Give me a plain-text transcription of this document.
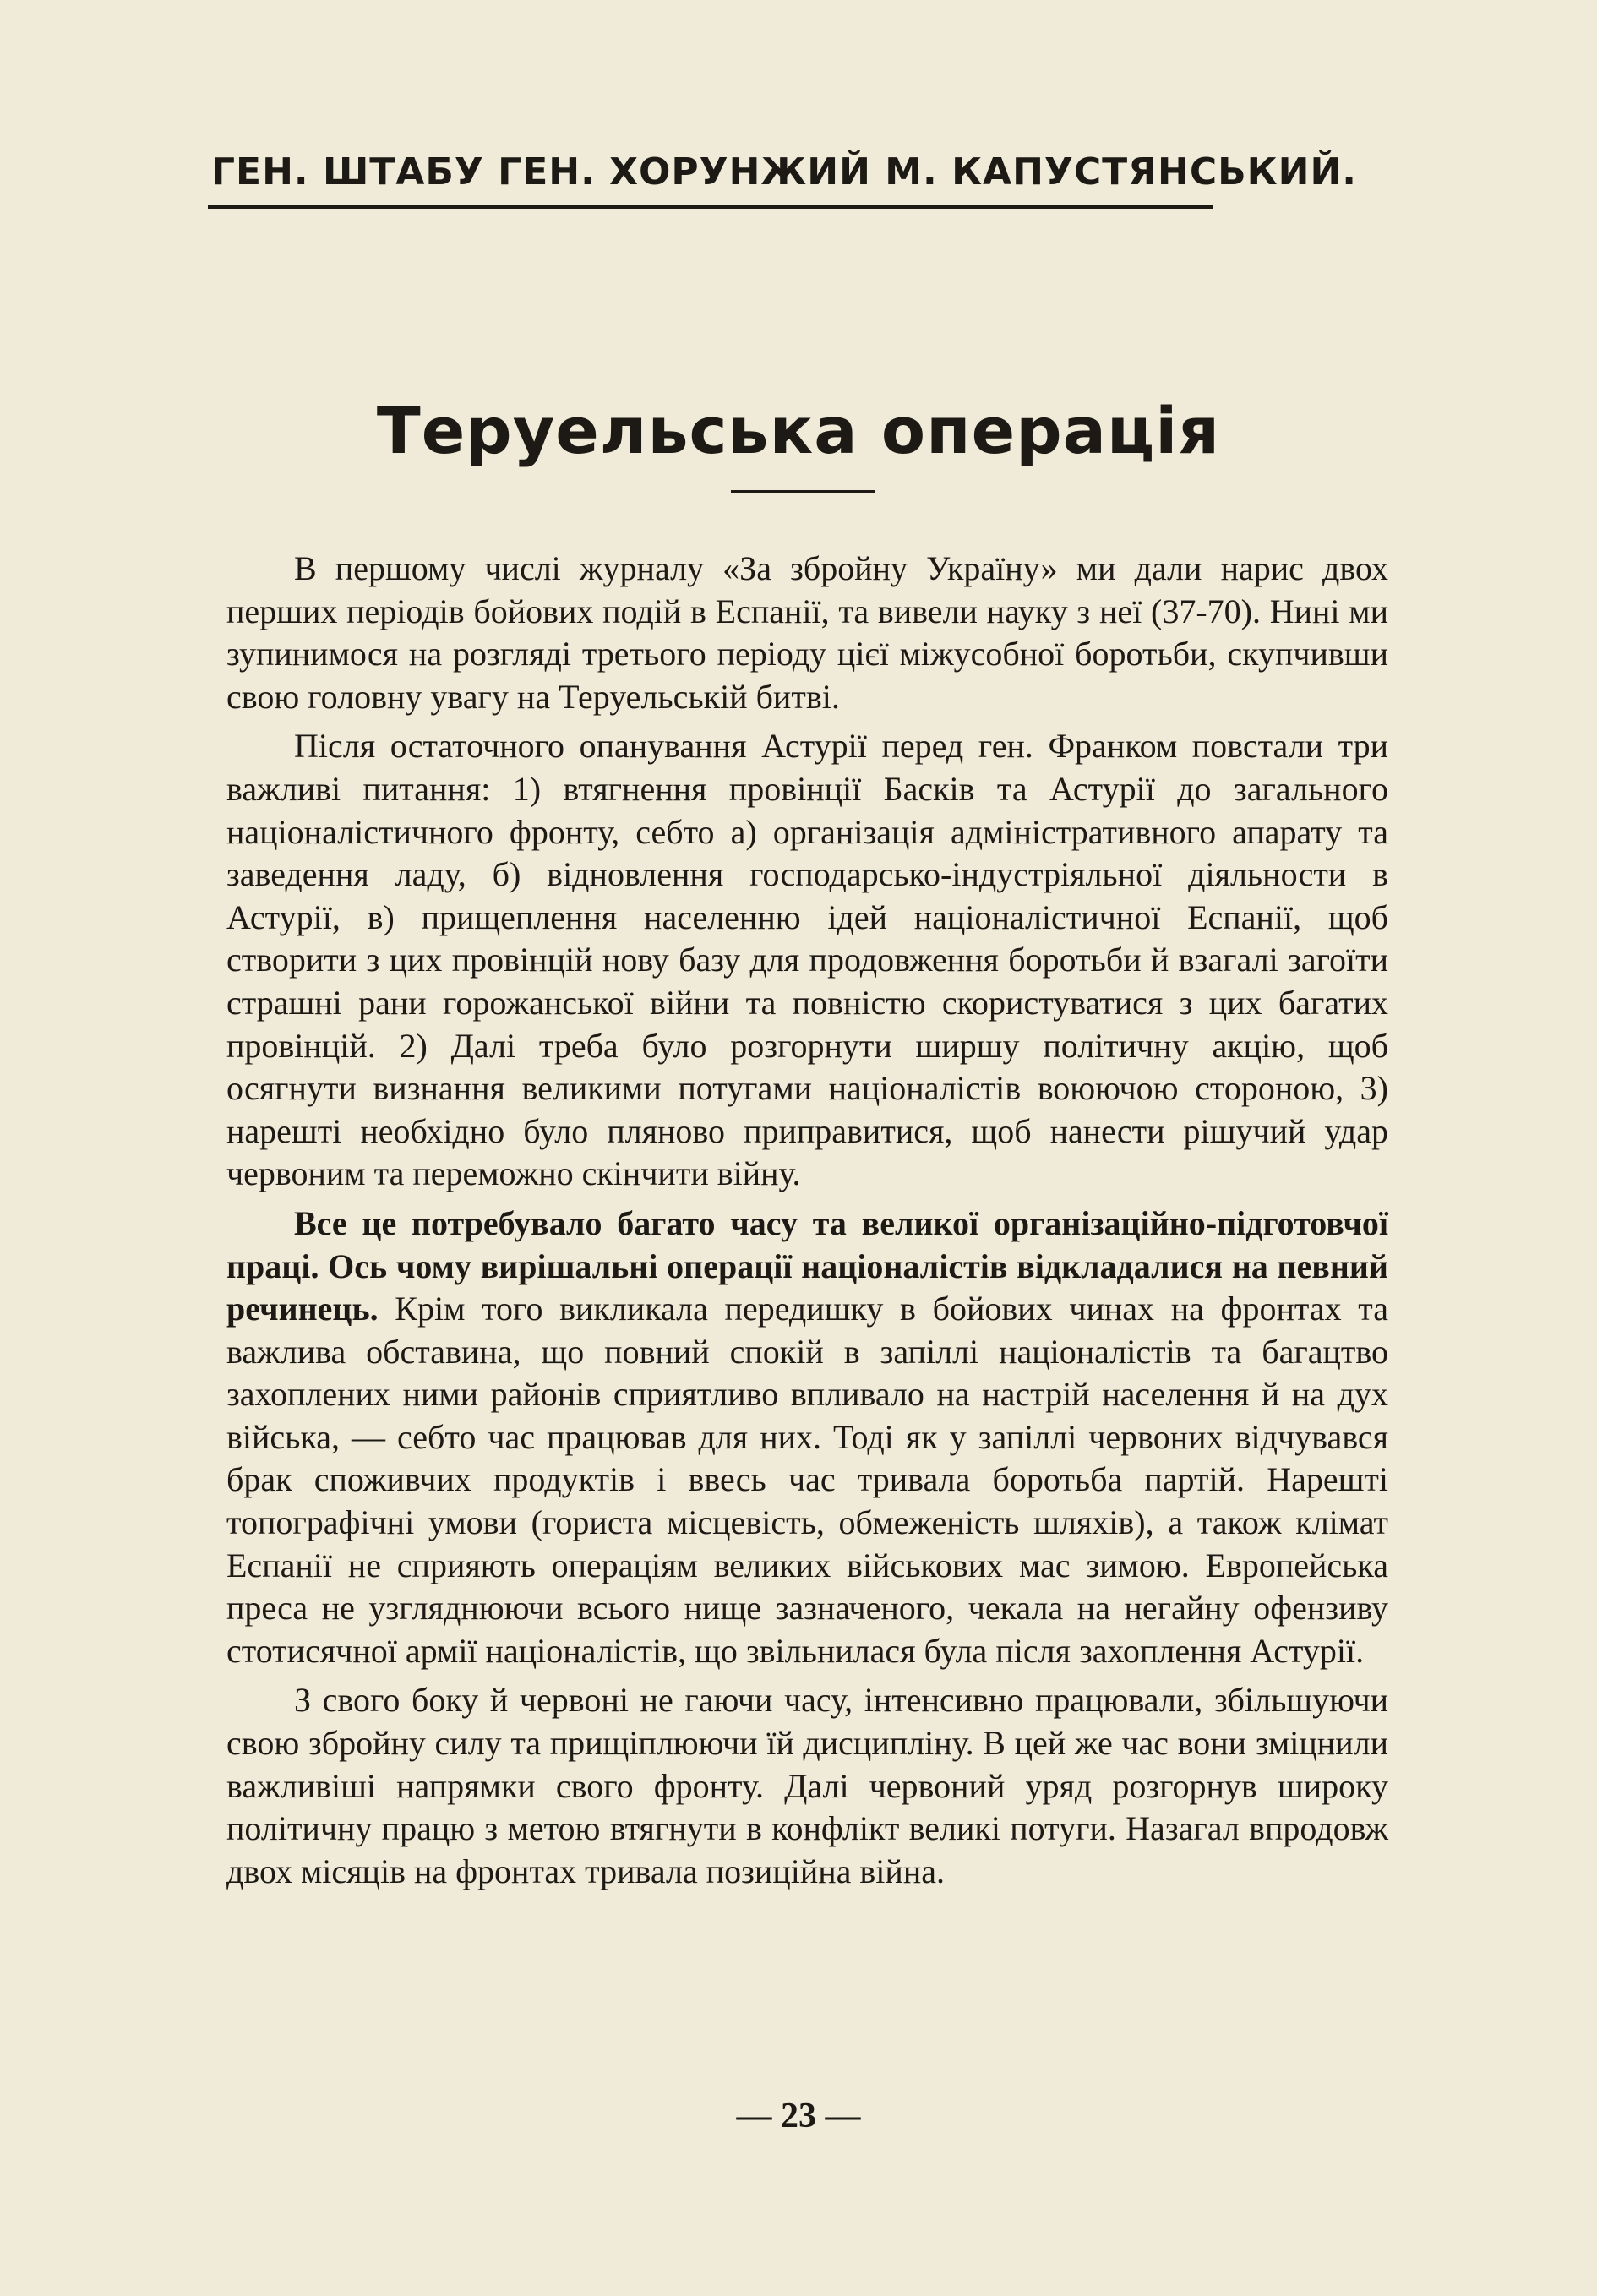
ГЕН. ШТАБУ ГЕН. ХОРУНЖИЙ М. КАПУСТЯНСЬКИЙ.
Теруельська операція

В першому числі журналу «За збройну Україну» ми дали нарис двох перших періодів бойових подій в Еспанії, та вивели науку з неї (37-70). Нині ми зупинимося на розгляді третього періоду цієї міжусобної боротьби, скупчивши свою головну увагу на Теруельській битві.

Після остаточного опанування Астурії перед ген. Франком повстали три важливі питання: 1) втягнення провінції Басків та Астурії до загального націоналістичного фронту, себто а) організація адміністративного апарату та заведення ладу, б) відновлення господарсько-індустріяльної діяльности в Астурії, в) прищеплення населенню ідей націоналістичної Еспанії, щоб створити з цих провінцій нову базу для продовження боротьби й взагалі загоїти страшні рани горожанської війни та повністю скористуватися з цих багатих провінцій. 2) Далі треба було розгорнути ширшу політичну акцію, щоб осягнути визнання великими потугами націоналістів воюючою стороною, 3) нарешті необхідно було пляново приправитися, щоб нанести рішучий удар червоним та переможно скінчити війну.

Все це потребувало багато часу та великої організаційно-підготовчої праці. Ось чому вирішальні операції націоналістів відкладалися на певний речинець. Крім того викликала передишку в бойових чинах на фронтах та важлива обставина, що повний спокій в запіллі націоналістів та багацтво захоплених ними районів сприятливо впливало на настрій населення й на дух війська, — себто час працював для них. Тоді як у запіллі червоних відчувався брак споживчих продуктів і ввесь час тривала боротьба партій. Нарешті топографічні умови (гориста місцевість, обмеженість шляхів), а також клімат Еспанії не сприяють операціям великих військових мас зимою. Европейська преса не узгляднюючи всього нище зазначеного, чекала на негайну офензиву стотисячної армії націоналістів, що звільнилася була після захоплення Астурії.

З свого боку й червоні не гаючи часу, інтенсивно працювали, збільшуючи свою збройну силу та прищіплюючи їй дисципліну. В цей же час вони зміцнили важливіші напрямки свого фронту. Далі червоний уряд розгорнув широку політичну працю з метою втягнути в конфлікт великі потуги. Назагал впродовж двох місяців на фронтах тривала позиційна війна.

— 23 —
